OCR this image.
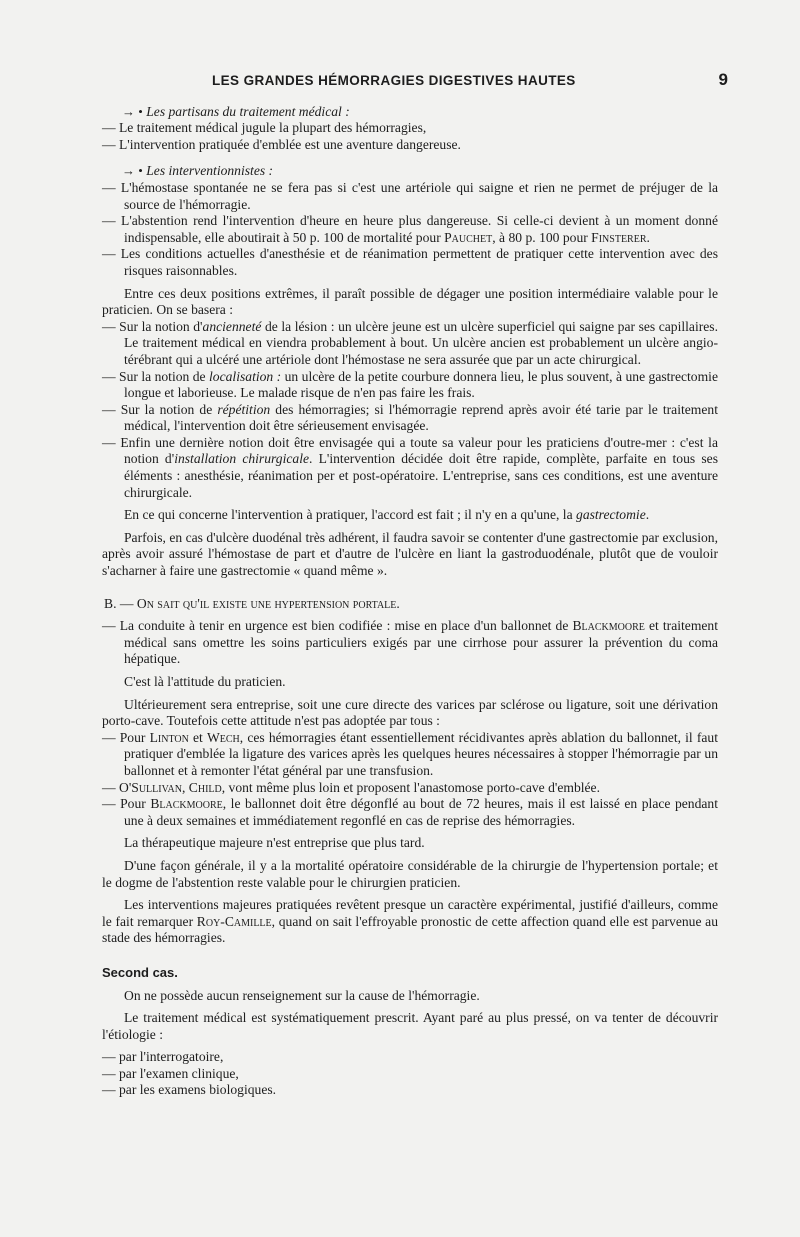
LES GRANDES HÉMORRAGIES DIGESTIVES HAUTES	9

→ • Les partisans du traitement médical :

— Le traitement médical jugule la plupart des hémorragies,

— L'intervention pratiquée d'emblée est une aventure dangereuse.

→ • Les interventionnistes :

— L'hémostase spontanée ne se fera pas si c'est une artériole qui saigne et rien ne permet de préjuger de la source de l'hémorragie.

— L'abstention rend l'intervention d'heure en heure plus dangereuse. Si celle-ci devient à un moment donné indispensable, elle aboutirait à 50 p. 100 de mortalité pour Pauchet, à 80 p. 100 pour Finsterer.

— Les conditions actuelles d'anesthésie et de réanimation permettent de pratiquer cette intervention avec des risques raisonnables.

Entre ces deux positions extrêmes, il paraît possible de dégager une position intermédiaire valable pour le praticien. On se basera :

— Sur la notion d'ancienneté de la lésion : un ulcère jeune est un ulcère superficiel qui saigne par ses capillaires. Le traitement médical en viendra probablement à bout. Un ulcère ancien est probablement un ulcère angio-térébrant qui a ulcéré une artériole dont l'hémostase ne sera assurée que par un acte chirurgical.

— Sur la notion de localisation : un ulcère de la petite courbure donnera lieu, le plus souvent, à une gastrectomie longue et laborieuse. Le malade risque de n'en pas faire les frais.

— Sur la notion de répétition des hémorragies; si l'hémorragie reprend après avoir été tarie par le traitement médical, l'intervention doit être sérieusement envisagée.

— Enfin une dernière notion doit être envisagée qui a toute sa valeur pour les praticiens d'outre-mer : c'est la notion d'installation chirurgicale. L'intervention décidée doit être rapide, complète, parfaite en tous ses éléments : anesthésie, réanimation per et post-opératoire. L'entreprise, sans ces conditions, est une aventure chirurgicale.

En ce qui concerne l'intervention à pratiquer, l'accord est fait ; il n'y en a qu'une, la gastrectomie.

Parfois, en cas d'ulcère duodénal très adhérent, il faudra savoir se contenter d'une gastrectomie par exclusion, après avoir assuré l'hémostase de part et d'autre de l'ulcère en liant la gastroduodénale, plutôt que de vouloir s'acharner à faire une gastrectomie « quand même ».

B. — On sait qu'il existe une hypertension portale.

— La conduite à tenir en urgence est bien codifiée : mise en place d'un ballonnet de Blackmoore et traitement médical sans omettre les soins particuliers exigés par une cirrhose pour assurer la prévention du coma hépatique.

C'est là l'attitude du praticien.

Ultérieurement sera entreprise, soit une cure directe des varices par sclérose ou ligature, soit une dérivation porto-cave. Toutefois cette attitude n'est pas adoptée par tous :

— Pour Linton et Wech, ces hémorragies étant essentiellement récidivantes après ablation du ballonnet, il faut pratiquer d'emblée la ligature des varices après les quelques heures nécessaires à stopper l'hémorragie par un ballonnet et à remonter l'état général par une transfusion.

— O'Sullivan, Child, vont même plus loin et proposent l'anastomose porto-cave d'emblée.

— Pour Blackmoore, le ballonnet doit être dégonflé au bout de 72 heures, mais il est laissé en place pendant une à deux semaines et immédiatement regonflé en cas de reprise des hémorragies.

La thérapeutique majeure n'est entreprise que plus tard.

D'une façon générale, il y a la mortalité opératoire considérable de la chirurgie de l'hypertension portale; et le dogme de l'abstention reste valable pour le chirurgien praticien.

Les interventions majeures pratiquées revêtent presque un caractère expérimental, justifié d'ailleurs, comme le fait remarquer Roy-Camille, quand on sait l'effroyable pronostic de cette affection quand elle est parvenue au stade des hémorragies.

Second cas.

On ne possède aucun renseignement sur la cause de l'hémorragie.

Le traitement médical est systématiquement prescrit. Ayant paré au plus pressé, on va tenter de découvrir l'étiologie :

— par l'interrogatoire,

— par l'examen clinique,

— par les examens biologiques.
